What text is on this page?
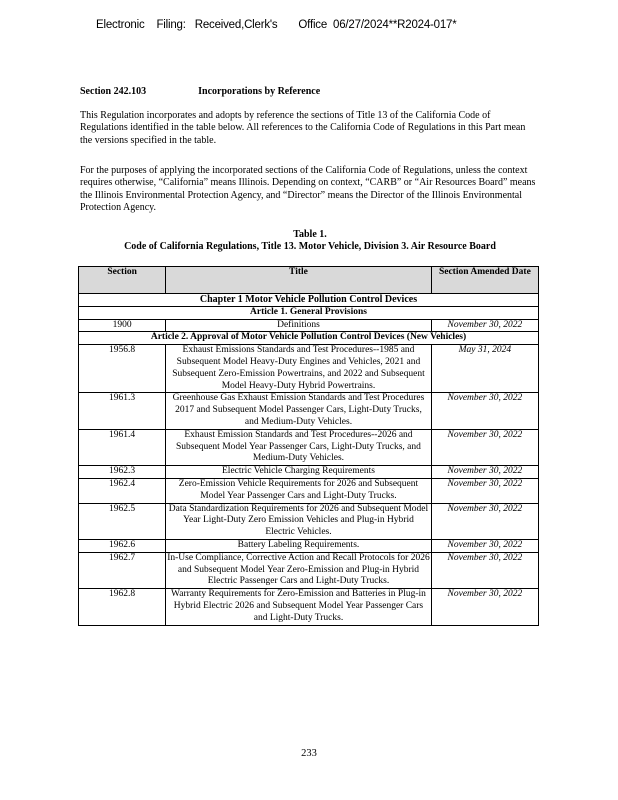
Electronic    Filing:   Received,Clerk's       Office  06/27/2024**R2024-017*
Section 242.103	Incorporations by Reference
This Regulation incorporates and adopts by reference the sections of Title 13 of the California Code of Regulations identified in the table below. All references to the California Code of Regulations in this Part mean the versions specified in the table.
For the purposes of applying the incorporated sections of the California Code of Regulations, unless the context requires otherwise, “California” means Illinois. Depending on context, “CARB” or “Air Resources Board” means the Illinois Environmental Protection Agency, and “Director” means the Director of the Illinois Environmental Protection Agency.
Table 1.
Code of California Regulations, Title 13. Motor Vehicle, Division 3. Air Resource Board
Section	Title	Section Amended Date
Chapter 1 Motor Vehicle Pollution Control Devices		
Article 1. General Provisions		
1900	Definitions	November 30, 2022
Article 2. Approval of Motor Vehicle Pollution Control Devices (New Vehicles)		
1956.8	Exhaust Emissions Standards and Test Procedures--1985 and Subsequent Model Heavy-Duty Engines and Vehicles, 2021 and Subsequent Zero-Emission Powertrains, and 2022 and Subsequent Model Heavy-Duty Hybrid Powertrains.	May 31, 2024
1961.3	Greenhouse Gas Exhaust Emission Standards and Test Procedures 2017 and Subsequent Model Passenger Cars, Light-Duty Trucks, and Medium-Duty Vehicles.	November 30, 2022
1961.4	Exhaust Emission Standards and Test Procedures--2026 and Subsequent Model Year Passenger Cars, Light-Duty Trucks, and Medium-Duty Vehicles.	November 30, 2022
1962.3	Electric Vehicle Charging Requirements	November 30, 2022
1962.4	Zero-Emission Vehicle Requirements for 2026 and Subsequent Model Year Passenger Cars and Light-Duty Trucks.	November 30, 2022
1962.5	Data Standardization Requirements for 2026 and Subsequent Model Year Light-Duty Zero Emission Vehicles and Plug-in Hybrid Electric Vehicles.	November 30, 2022
1962.6	Battery Labeling Requirements.	November 30, 2022
1962.7	In-Use Compliance, Corrective Action and Recall Protocols for 2026 and Subsequent Model Year Zero-Emission and Plug-in Hybrid Electric Passenger Cars and Light-Duty Trucks.	November 30, 2022
1962.8	Warranty Requirements for Zero-Emission and Batteries in Plug-in Hybrid Electric 2026 and Subsequent Model Year Passenger Cars and Light-Duty Trucks.	November 30, 2022
233
